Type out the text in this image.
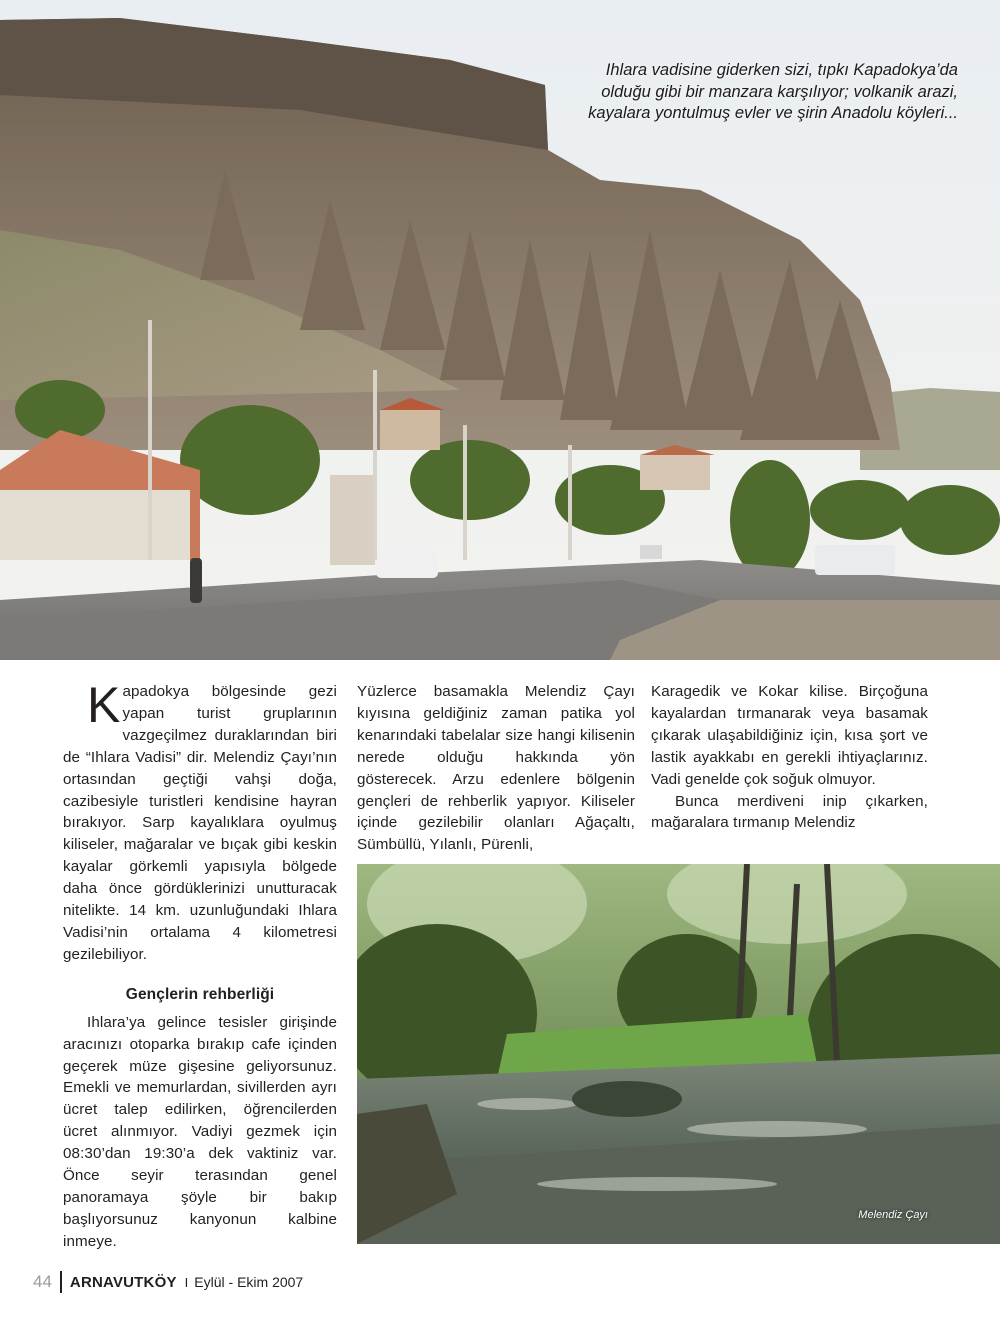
Ihlara vadisine giderken sizi, tıpkı Kapadokya’da olduğu gibi bir manzara karşılıyor; volkanik arazi, kayalara yontulmuş evler ve şirin Anadolu köyleri...

Kapadokya bölgesinde gezi yapan turist gruplarının vazgeçilmez duraklarından biri de “Ihlara Vadisi” dir. Melendiz Çayı’nın ortasından geçtiği vahşi doğa, cazibesiyle turistleri kendisine hayran bırakıyor. Sarp kayalıklara oyulmuş kiliseler, mağaralar ve bıçak gibi keskin kayalar görkemli yapısıyla bölgede daha önce gördüklerinizi unutturacak nitelikte. 14 km. uzunluğundaki Ihlara Vadisi’nin ortalama 4 kilometresi gezilebiliyor.

Gençlerin rehberliği

Ihlara’ya gelince tesisler girişinde aracınızı otoparka bırakıp cafe içinden geçerek müze gişesine geliyorsunuz. Emekli ve memurlardan, sivillerden ayrı ücret talep edilirken, öğrencilerden ücret alınmıyor. Vadiyi gezmek için 08:30’dan 19:30’a dek vaktiniz var. Önce seyir terasından genel panoramaya şöyle bir bakıp başlıyorsunuz kanyonun kalbine inmeye.

Yüzlerce basamakla Melendiz Çayı kıyısına geldiğiniz zaman patika yol kenarındaki tabelalar size hangi kilisenin nerede olduğu hakkında yön gösterecek. Arzu edenlere bölgenin gençleri de rehberlik yapıyor. Kiliseler içinde gezilebilir olanları Ağaçaltı, Sümbüllü, Yılanlı, Pürenli,

Karagedik ve Kokar kilise. Birçoğuna kayalardan tırmanarak veya basamak çıkarak ulaşabildiğiniz için, kısa şort ve lastik ayakkabı en gerekli ihtiyaçlarınız. Vadi genelde çok soğuk olmuyor.

Bunca merdiveni inip çıkarken, mağaralara tırmanıp Melendiz

Melendiz Çayı
44 ARNAVUTKÖY I Eylül - Ekim 2007
